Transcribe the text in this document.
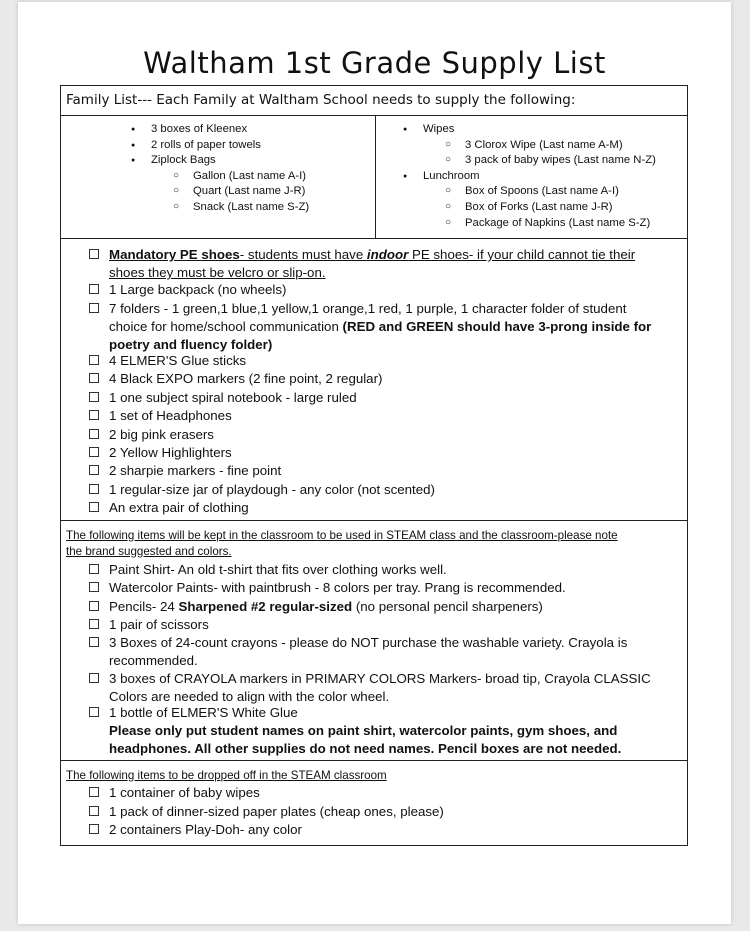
Waltham 1st Grade Supply List
Family List--- Each Family at Waltham School needs to supply the following:
● 3 boxes of Kleenex
● 2 rolls of paper towels
● Ziplock Bags
○ Gallon (Last name A-I)
○ Quart (Last name J-R)
○ Snack (Last name S-Z)
● Wipes
○ 3 Clorox Wipe (Last name A-M)
○ 3 pack of baby wipes (Last name N-Z)
● Lunchroom
○ Box of Spoons (Last name A-I)
○ Box of Forks (Last name J-R)
○ Package of Napkins (Last name S-Z)
Mandatory PE shoes- students must have indoor PE shoes- if your child cannot tie their
shoes they must be velcro or slip-on.
1 Large backpack (no wheels)
7 folders - 1 green,1 blue,1 yellow,1 orange,1 red, 1 purple, 1 character folder of student
choice for home/school communication (RED and GREEN should have 3-prong inside for
poetry and fluency folder)
4 ELMER'S Glue sticks
4 Black EXPO markers (2 fine point, 2 regular)
1 one subject spiral notebook - large ruled
1 set of Headphones
2 big pink erasers
2 Yellow Highlighters
2 sharpie markers - fine point
1 regular-size jar of playdough - any color (not scented)
An extra pair of clothing
The following items will be kept in the classroom to be used in STEAM class and the classroom-please note
the brand suggested and colors.
Paint Shirt- An old t-shirt that fits over clothing works well.
Watercolor Paints- with paintbrush - 8 colors per tray. Prang is recommended.
Pencils- 24 Sharpened #2 regular-sized (no personal pencil sharpeners)
1 pair of scissors
3 Boxes of 24-count crayons - please do NOT purchase the washable variety. Crayola is
recommended.
3 boxes of CRAYOLA markers in PRIMARY COLORS Markers- broad tip, Crayola CLASSIC
Colors are needed to align with the color wheel.
1 bottle of ELMER'S White Glue
Please only put student names on paint shirt, watercolor paints, gym shoes, and
headphones. All other supplies do not need names. Pencil boxes are not needed.
The following items to be dropped off in the STEAM classroom
1 container of baby wipes
1 pack of dinner-sized paper plates (cheap ones, please)
2 containers Play-Doh- any color
